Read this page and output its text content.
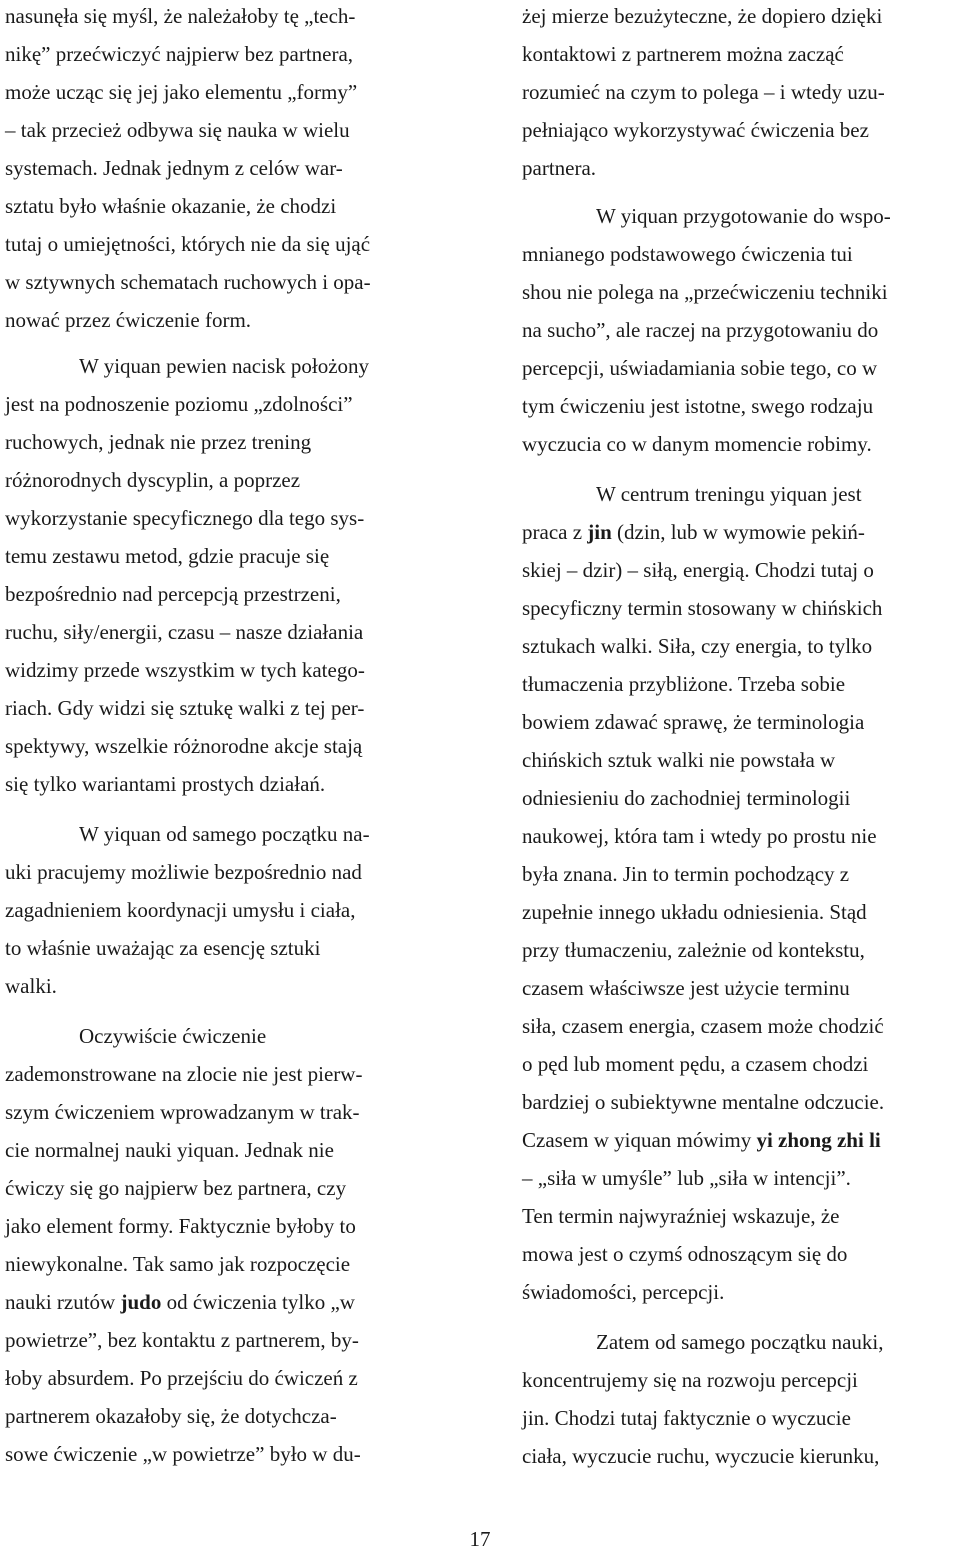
nasunęła się myśl, że należałoby tę „tech-
nikę” przećwiczyć najpierw bez partnera,
może ucząc się jej jako elementu „formy”
– tak przecież odbywa się nauka w wielu
systemach. Jednak jednym z celów war-
sztatu było właśnie okazanie, że chodzi
tutaj o umiejętności, których nie da się ująć
w sztywnych schematach ruchowych i opa-
nować przez ćwiczenie form.
W yiquan pewien nacisk położony
jest na podnoszenie poziomu „zdolności”
ruchowych, jednak nie przez trening
różnorodnych dyscyplin, a poprzez
wykorzystanie specyficznego dla tego sys-
temu zestawu metod, gdzie pracuje się
bezpośrednio nad percepcją przestrzeni,
ruchu, siły/energii, czasu – nasze działania
widzimy przede wszystkim w tych katego-
riach. Gdy widzi się sztukę walki z tej per-
spektywy, wszelkie różnorodne akcje stają
się tylko wariantami prostych działań.
W yiquan od samego początku na-
uki pracujemy możliwie bezpośrednio nad
zagadnieniem koordynacji umysłu i ciała,
to właśnie uważając za esencję sztuki
walki.
Oczywiście ćwiczenie
zademonstrowane na zlocie nie jest pierw-
szym ćwiczeniem wprowadzanym w trak-
cie normalnej nauki yiquan. Jednak nie
ćwiczy się go najpierw bez partnera, czy
jako element formy. Faktycznie byłoby to
niewykonalne. Tak samo jak rozpoczęcie
nauki rzutów judo od ćwiczenia tylko „w
powietrze”, bez kontaktu z partnerem, by-
łoby absurdem. Po przejściu do ćwiczeń z
partnerem okazałoby się, że dotychcza-
sowe ćwiczenie „w powietrze” było w du-
żej mierze bezużyteczne, że dopiero dzięki
kontaktowi z partnerem można zacząć
rozumieć na czym to polega – i wtedy uzu-
pełniająco wykorzystywać ćwiczenia bez
partnera.
W yiquan przygotowanie do wspo-
mnianego podstawowego ćwiczenia tui
shou nie polega na „przećwiczeniu techniki
na sucho”, ale raczej na przygotowaniu do
percepcji, uświadamiania sobie tego, co w
tym ćwiczeniu jest istotne, swego rodzaju
wyczucia co w danym momencie robimy.
W centrum treningu yiquan jest
praca z jin (dzin, lub w wymowie pekiń-
skiej – dzir) – siłą, energią. Chodzi tutaj o
specyficzny termin stosowany w chińskich
sztukach walki. Siła, czy energia, to tylko
tłumaczenia przybliżone. Trzeba sobie
bowiem zdawać sprawę, że terminologia
chińskich sztuk walki nie powstała w
odniesieniu do zachodniej terminologii
naukowej, która tam i wtedy po prostu nie
była znana. Jin to termin pochodzący z
zupełnie innego układu odniesienia. Stąd
przy tłumaczeniu, zależnie od kontekstu,
czasem właściwsze jest użycie terminu
siła, czasem energia, czasem może chodzić
o pęd lub moment pędu, a czasem chodzi
bardziej o subiektywne mentalne odczucie.
Czasem w yiquan mówimy yi zhong zhi li
– „siła w umyśle” lub „siła w intencji”.
Ten termin najwyraźniej wskazuje, że
mowa jest o czymś odnoszącym się do
świadomości, percepcji.
Zatem od samego początku nauki,
koncentrujemy się na rozwoju percepcji
jin. Chodzi tutaj faktycznie o wyczucie
ciała, wyczucie ruchu, wyczucie kierunku,
17
